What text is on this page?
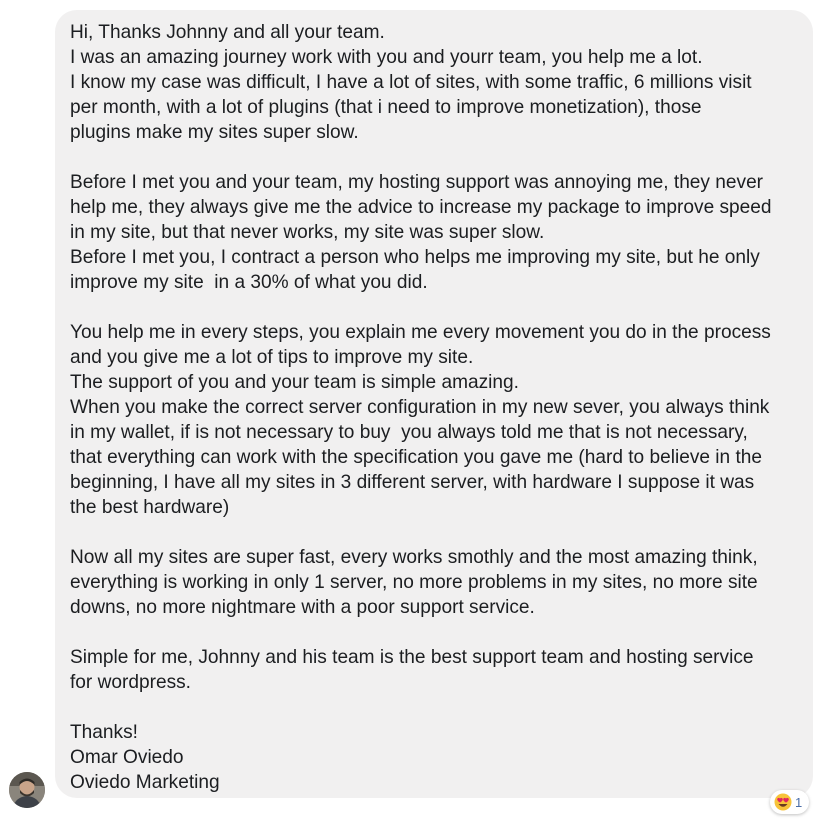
Hi, Thanks Johnny and all your team.
I was an amazing journey work with you and yourr team, you help me a lot.
I know my case was difficult, I have a lot of sites, with some traffic, 6 millions visit
per month, with a lot of plugins (that i need to improve monetization), those
plugins make my sites super slow.
Before I met you and your team, my hosting support was annoying me, they never
help me, they always give me the advice to increase my package to improve speed
in my site, but that never works, my site was super slow.
Before I met you, I contract a person who helps me improving my site, but he only
improve my site  in a 30% of what you did.
You help me in every steps, you explain me every movement you do in the process
and you give me a lot of tips to improve my site.
The support of you and your team is simple amazing.
When you make the correct server configuration in my new sever, you always think
in my wallet, if is not necessary to buy  you always told me that is not necessary,
that everything can work with the specification you gave me (hard to believe in the
beginning, I have all my sites in 3 different server, with hardware I suppose it was
the best hardware)
Now all my sites are super fast, every works smothly and the most amazing think,
everything is working in only 1 server, no more problems in my sites, no more site
downs, no more nightmare with a poor support service.
Simple for me, Johnny and his team is the best support team and hosting service
for wordpress.
Thanks!
Omar Oviedo
Oviedo Marketing
1
